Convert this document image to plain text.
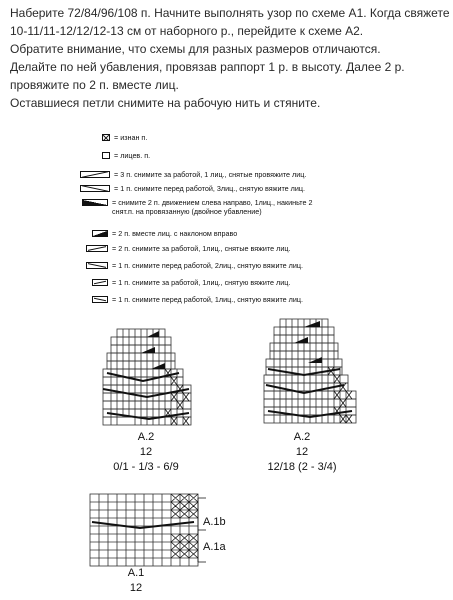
Наберите 72/84/96/108 п. Начните выполнять узор по схеме А1. Когда свяжете 10-11/11-12/12/12-13 см от наборного р., перейдите к схеме А2.

Обратите внимание, что схемы для разных размеров отличаются.

Делайте по ней убавления, провязав раппорт 1 р. в высоту. Далее 2 р. провяжите по 2 п. вместе лиц.

Оставшиеся петли снимите на рабочую нить и стяните.

= изнан п.
= лицев. п.
= 3 п. снимите за работой, 1 лиц., снятые провяжите лиц.
= 1 п. снимите перед работой, 3лиц., снятую вяжите лиц.
= снимите 2 п. движением слева направо, 1лиц., накиньте 2 снят.п. на провязанную (двойное убавление)
= 2 п. вместе лиц. с наклоном вправо
= 2 п. снимите за работой, 1лиц., снятые вяжите лиц.
= 1 п. снимите перед работой, 2лиц., снятую вяжите лиц.
= 1 п. снимите за работой, 1лиц., снятую вяжите лиц.
= 1 п. снимите перед работой, 1лиц., снятую вяжите лиц.
A.2
12
0/1 - 1/3 - 6/9
A.2
12
12/18 (2 - 3/4)
A.1b
A.1a
A.1
12
